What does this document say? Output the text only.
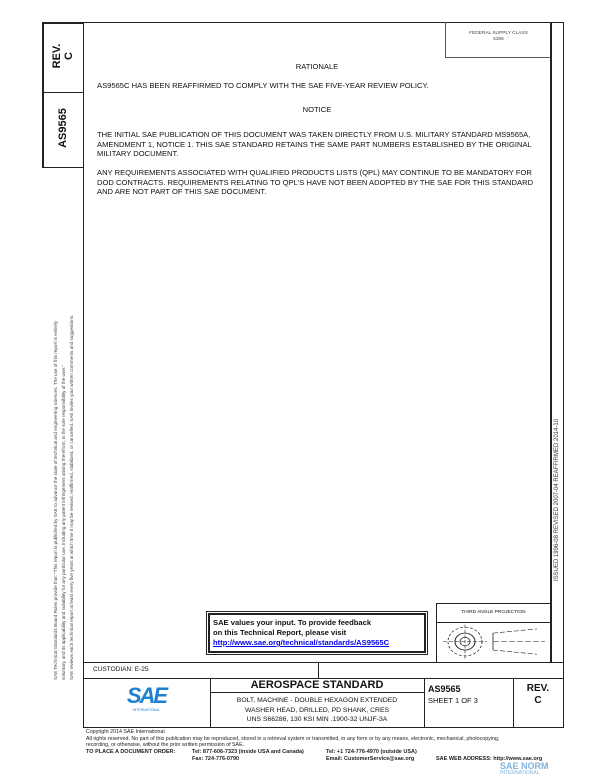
REV.
C
AS9565
SAE Technical Standards Board Rules provide that: "This report is published by SAE to advance the state of technical and engineering sciences. The use of this report is entirely voluntary, and its applicability and suitability for any particular use, including any patent infringement arising therefrom, is the sole responsibility of the user." SAE reviews each technical report at least every five years at which time it may be revised, reaffirmed, stabilized, or cancelled. SAE invites your written comments and suggestions.	ISSUED 1996-08 REVISED 2007-04 REAFFIRMED 2014-10
FEDERAL SUPPLY CLASS
5306
RATIONALE
AS9565C HAS BEEN REAFFIRMED TO COMPLY WITH THE SAE FIVE-YEAR REVIEW POLICY.
NOTICE
THE INITIAL SAE PUBLICATION OF THIS DOCUMENT WAS TAKEN DIRECTLY FROM U.S. MILITARY STANDARD MS9565A, AMENDMENT 1, NOTICE 1. THIS SAE STANDARD RETAINS THE SAME PART NUMBERS ESTABLISHED BY THE ORIGINAL MILITARY DOCUMENT.
ANY REQUIREMENTS ASSOCIATED WITH QUALIFIED PRODUCTS LISTS (QPL) MAY CONTINUE TO BE MANDATORY FOR DOD CONTRACTS. REQUIREMENTS RELATING TO QPL'S HAVE NOT BEEN ADOPTED BY THE SAE FOR THIS STANDARD AND ARE NOT PART OF THIS SAE DOCUMENT.
SAE values your input. To provide feedback
on this Technical Report, please visit
http://www.sae.org/technical/standards/AS9565C
THIRD ANGLE PROJECTION
CUSTODIAN: E-25
SAE
INTERNATIONAL
AEROSPACE STANDARD
BOLT, MACHINE - DOUBLE HEXAGON EXTENDED
WASHER HEAD, DRILLED, PD SHANK, CRES
UNS S66286, 130 KSI MIN .1900-32 UNJF-3A
AS9565
SHEET 1 OF 3
REV.
C
Copyright 2014 SAE International
All rights reserved. No part of this publication may be reproduced, stored in a retrieval system or transmitted, in any form or by any means, electronic, mechanical, photocopying,
recording, or otherwise, without the prior written permission of SAE.
TO PLACE A DOCUMENT ORDER:	Tel: 877-606-7323 (inside USA and Canada)
Fax: 724-776-0790
Tel: +1 724-776-4970 (outside USA)
Email: CustomerService@sae.org	SAE WEB ADDRESS: http://www.sae.org
SAE NORM
INTERNATIONAL
